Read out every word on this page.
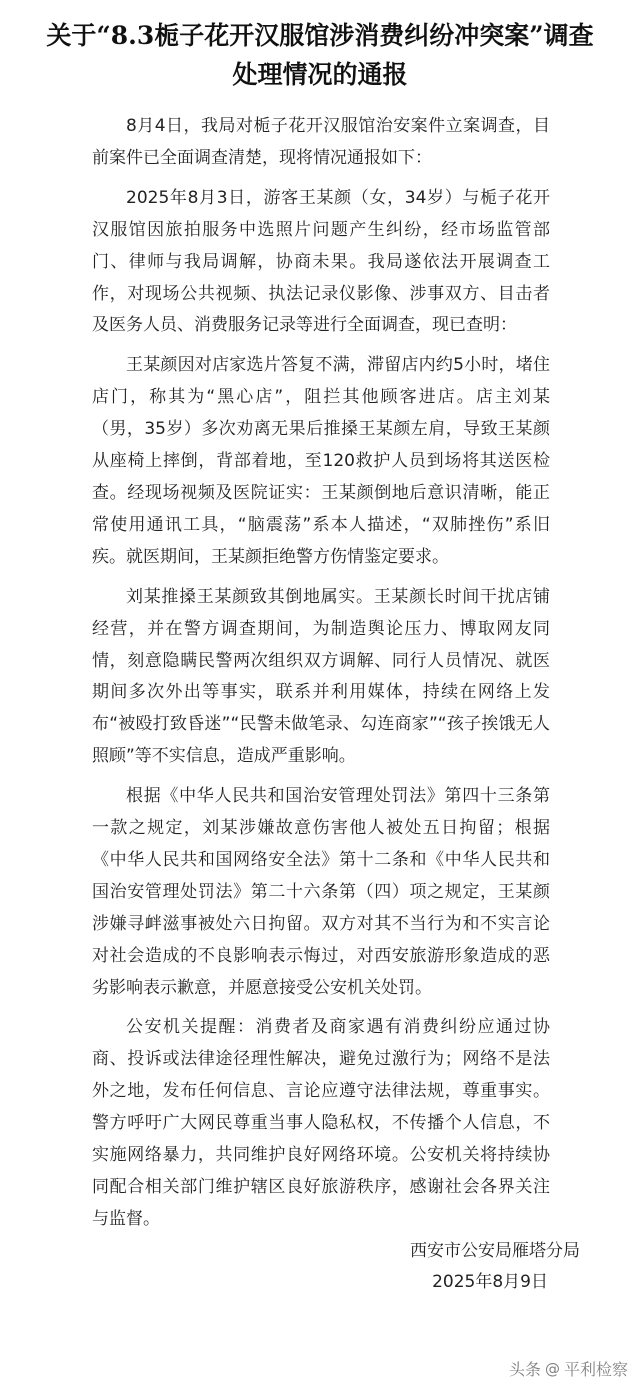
关于“8.3栀子花开汉服馆涉消费纠纷冲突案”调查处理情况的通报

8月4日，我局对栀子花开汉服馆治安案件立案调查，目前案件已全面调查清楚，现将情况通报如下：

2025年8月3日，游客王某颜（女，34岁）与栀子花开汉服馆因旅拍服务中选照片问题产生纠纷，经市场监管部门、律师与我局调解，协商未果。我局遂依法开展调查工作，对现场公共视频、执法记录仪影像、涉事双方、目击者及医务人员、消费服务记录等进行全面调查，现已查明：

王某颜因对店家选片答复不满，滞留店内约5小时，堵住店门，称其为“黑心店”，阻拦其他顾客进店。店主刘某（男，35岁）多次劝离无果后推搡王某颜左肩，导致王某颜从座椅上摔倒，背部着地，至120救护人员到场将其送医检查。经现场视频及医院证实：王某颜倒地后意识清晰，能正常使用通讯工具，“脑震荡”系本人描述，“双肺挫伤”系旧疾。就医期间，王某颜拒绝警方伤情鉴定要求。

刘某推搡王某颜致其倒地属实。王某颜长时间干扰店铺经营，并在警方调查期间，为制造舆论压力、博取网友同情，刻意隐瞒民警两次组织双方调解、同行人员情况、就医期间多次外出等事实，联系并利用媒体，持续在网络上发布“被殴打致昏迷”“民警未做笔录、勾连商家”“孩子挨饿无人照顾”等不实信息，造成严重影响。

根据《中华人民共和国治安管理处罚法》第四十三条第一款之规定，刘某涉嫌故意伤害他人被处五日拘留；根据《中华人民共和国网络安全法》第十二条和《中华人民共和国治安管理处罚法》第二十六条第（四）项之规定，王某颜涉嫌寻衅滋事被处六日拘留。双方对其不当行为和不实言论对社会造成的不良影响表示悔过，对西安旅游形象造成的恶劣影响表示歉意，并愿意接受公安机关处罚。

公安机关提醒：消费者及商家遇有消费纠纷应通过协商、投诉或法律途径理性解决，避免过激行为；网络不是法外之地，发布任何信息、言论应遵守法律法规，尊重事实。警方呼吁广大网民尊重当事人隐私权，不传播个人信息，不实施网络暴力，共同维护良好网络环境。公安机关将持续协同配合相关部门维护辖区良好旅游秩序，感谢社会各界关注与监督。

西安市公安局雁塔分局
2025年8月9日
头条 @ 平利检察
